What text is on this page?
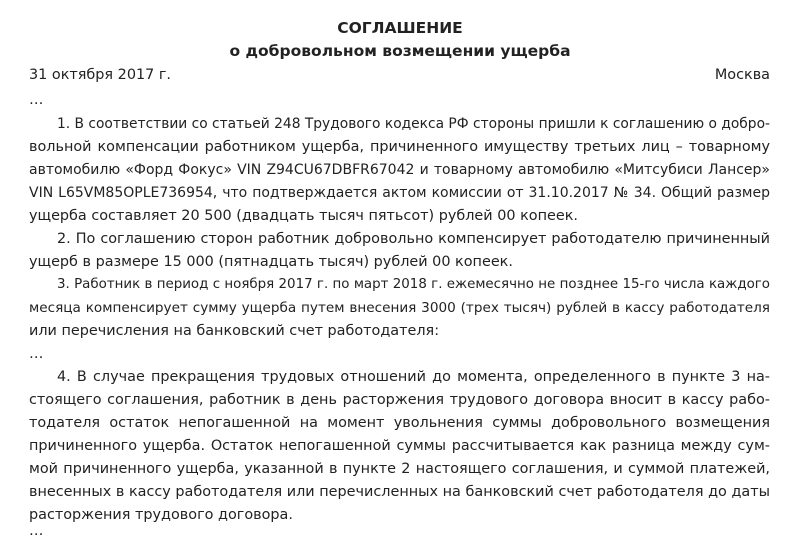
СОГЛАШЕНИЕ
о добровольном возмещении ущерба
31 октября 2017 г.	Москва
…
1. В соответствии со статьей 248 Трудового кодекса РФ стороны пришли к соглашению о добро-
вольной компенсации работником ущерба, причиненного имуществу третьих лиц – товарному
автомобилю «Форд Фокус» VIN Z94CU67DBFR67042 и товарному автомобилю «Митсубиси Лансер»
VIN L65VM85OPLE736954, что подтверждается актом комиссии от 31.10.2017 № 34. Общий размер
ущерба составляет 20 500 (двадцать тысяч пятьсот) рублей 00 копеек.
2. По соглашению сторон работник добровольно компенсирует работодателю причиненный
ущерб в размере 15 000 (пятнадцать тысяч) рублей 00 копеек.
3. Работник в период с ноября 2017 г. по март 2018 г. ежемесячно не позднее 15-го числа каждого
месяца компенсирует сумму ущерба путем внесения 3000 (трех тысяч) рублей в кассу работодателя
или перечисления на банковский счет работодателя:
…
4. В случае прекращения трудовых отношений до момента, определенного в пункте 3 на-
стоящего соглашения, работник в день расторжения трудового договора вносит в кассу рабо-
тодателя остаток непогашенной на момент увольнения суммы добровольного возмещения
причиненного ущерба. Остаток непогашенной суммы рассчитывается как разница между сум-
мой причиненного ущерба, указанной в пункте 2 настоящего соглашения, и суммой платежей,
внесенных в кассу работодателя или перечисленных на банковский счет работодателя до даты
расторжения трудового договора.
…
